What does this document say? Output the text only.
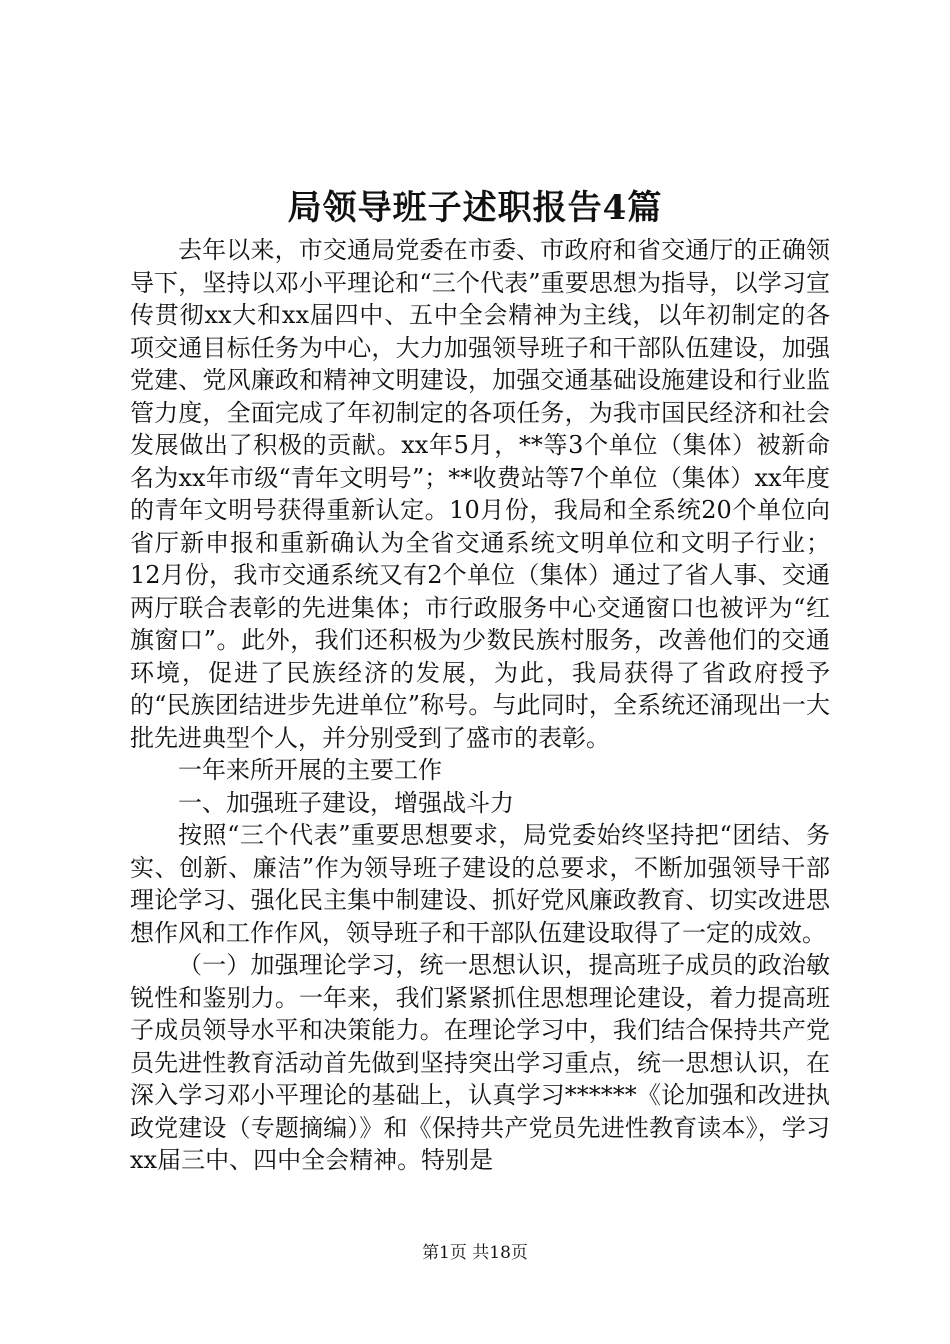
局领导班子述职报告4篇

去年以来，市交通局党委在市委、市政府和省交通厅的正确领导下，坚持以邓小平理论和“三个代表”重要思想为指导，以学习宣传贯彻xx大和xx届四中、五中全会精神为主线，以年初制定的各项交通目标任务为中心，大力加强领导班子和干部队伍建设，加强党建、党风廉政和精神文明建设，加强交通基础设施建设和行业监管力度，全面完成了年初制定的各项任务，为我市国民经济和社会发展做出了积极的贡献。xx年5月，**等3个单位（集体）被新命名为xx年市级“青年文明号”；**收费站等7个单位（集体）xx年度的青年文明号获得重新认定。10月份，我局和全系统20个单位向省厅新申报和重新确认为全省交通系统文明单位和文明子行业；12月份，我市交通系统又有2个单位（集体）通过了省人事、交通两厅联合表彰的先进集体；市行政服务中心交通窗口也被评为“红旗窗口”。此外，我们还积极为少数民族村服务，改善他们的交通环境，促进了民族经济的发展，为此，我局获得了省政府授予的“民族团结进步先进单位”称号。与此同时，全系统还涌现出一大批先进典型个人，并分别受到了盛市的表彰。

一年来所开展的主要工作

一、加强班子建设，增强战斗力

按照“三个代表”重要思想要求，局党委始终坚持把“团结、务实、创新、廉洁”作为领导班子建设的总要求，不断加强领导干部理论学习、强化民主集中制建设、抓好党风廉政教育、切实改进思想作风和工作作风，领导班子和干部队伍建设取得了一定的成效。

（一）加强理论学习，统一思想认识，提高班子成员的政治敏锐性和鉴别力。一年来，我们紧紧抓住思想理论建设，着力提高班子成员领导水平和决策能力。在理论学习中，我们结合保持共产党员先进性教育活动首先做到坚持突出学习重点，统一思想认识，在深入学习邓小平理论的基础上，认真学习******《论加强和改进执政党建设（专题摘编）》和《保持共产党员先进性教育读本》，学习xx届三中、四中全会精神。特别是

第1页 共18页
